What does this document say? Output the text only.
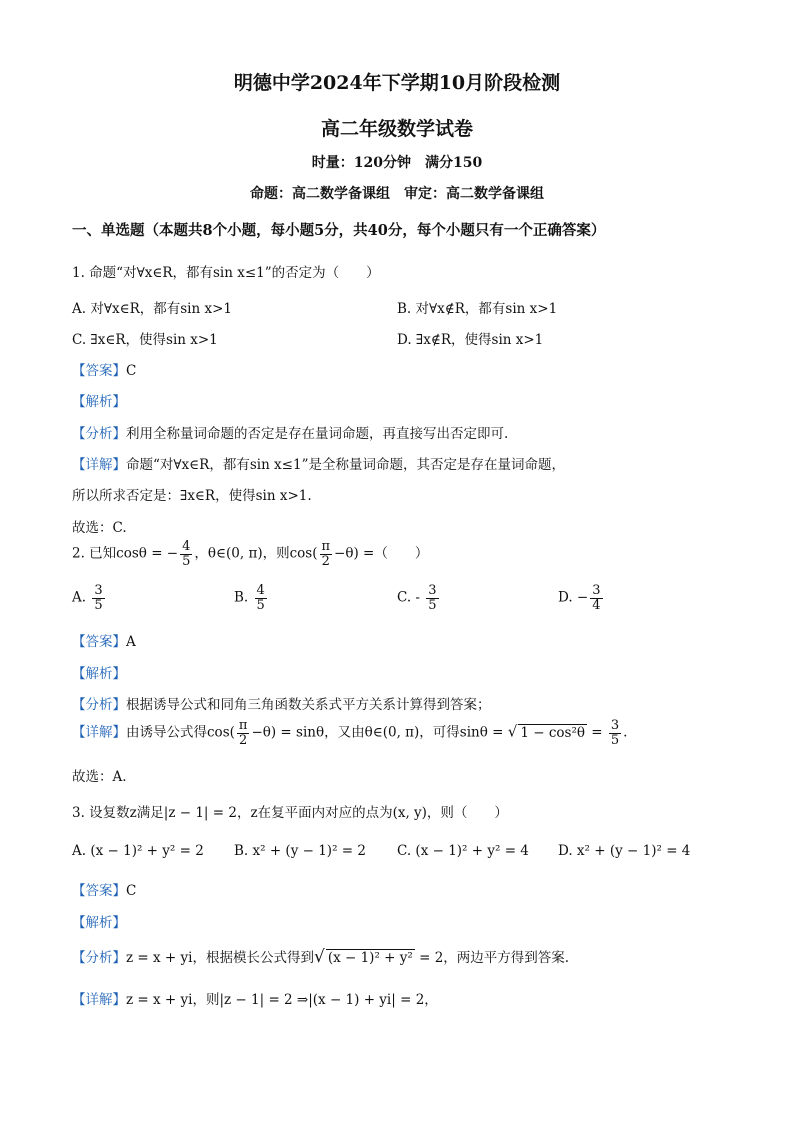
明德中学2024年下学期10月阶段检测
高二年级数学试卷
时量：120分钟　满分150
命题：高二数学备课组　审定：高二数学备课组
一、单选题（本题共8个小题，每小题5分，共40分，每个小题只有一个正确答案）
1. 命题“对∀x∈R，都有sin x≤1”的否定为（　　）
A. 对∀x∈R，都有sin x>1	B. 对∀x∉R，都有sin x>1
C. ∃x∈R，使得sin x>1	D. ∃x∉R，使得sin x>1
【答案】C
【解析】
【分析】利用全称量词命题的否定是存在量词命题，再直接写出否定即可.
【详解】命题“对∀x∈R，都有sin x≤1”是全称量词命题，其否定是存在量词命题，
所以所求否定是：∃x∈R，使得sin x>1.
故选：C.
2. 已知cosθ = − $\frac{4}{5}$ ，θ∈(0, π)，则$\cos( \frac{\pi}{2} -\theta)$ =（　　）
A. $\frac{3}{5}$	B. $\frac{4}{5}$	C. - $\frac{3}{5}$	D. − $\frac{3}{4}$
【答案】A
【解析】
【分析】根据诱导公式和同角三角函数关系式平方关系计算得到答案；
【详解】由诱导公式得$\cos( \frac{\pi}{2} -\theta) = \sin\theta$，又由θ∈(0, π)，可得sinθ = √ $1 - \cos^2\theta = \frac{3}{5}$ .
故选：A.
3. 设复数z满足|z − 1| = 2，z在复平面内对应的点为(x, y)，则（　　）
A. (x − 1)² + y² = 2 B. x² + (y − 1)² = 2 C. (x − 1)² + y² = 4 D. x² + (y − 1)² = 4
【答案】C
【解析】
【分析】z = x + yi，根据模长公式得到√ (x − 1)² + y² = 2，两边平方得到答案.
【详解】z = x + yi，则|z − 1| = 2 ⇒|(x − 1) + yi| = 2，
